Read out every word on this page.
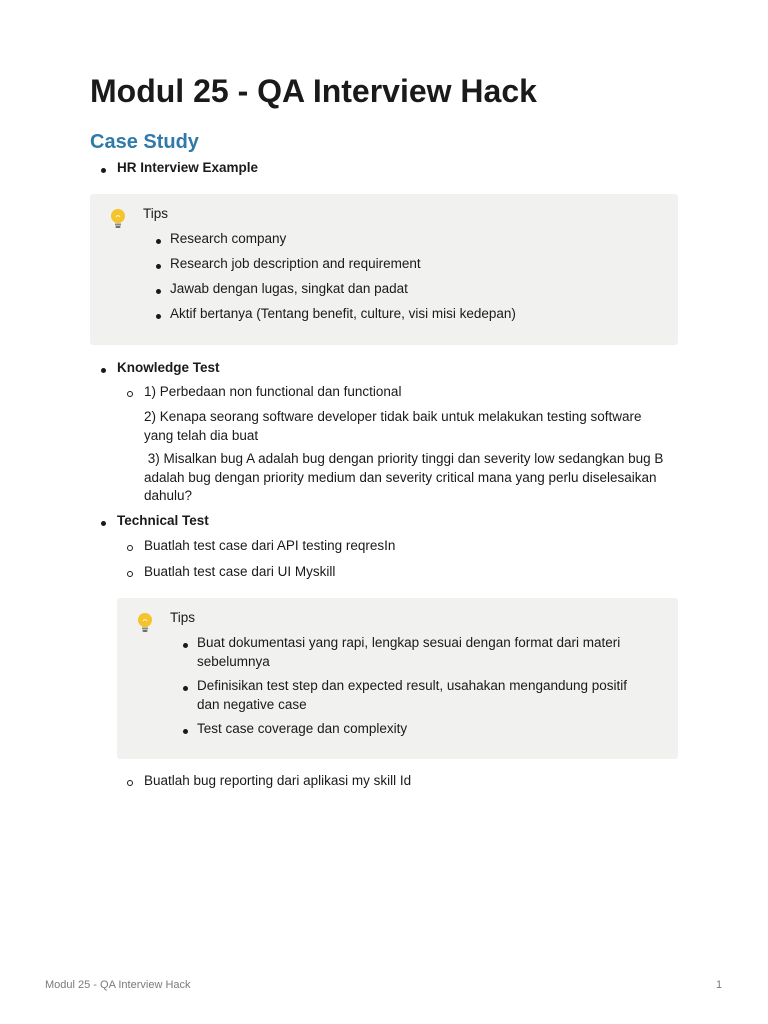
Modul 25 - QA Interview Hack
Case Study
HR Interview Example
Tips
Research company
Research job description and requirement
Jawab dengan lugas, singkat dan padat
Aktif bertanya (Tentang benefit, culture, visi misi kedepan)
Knowledge Test
1) Perbedaan non functional dan functional
2) Kenapa seorang software developer tidak baik untuk melakukan testing software yang telah dia buat
3) Misalkan bug A adalah bug dengan priority tinggi dan severity low sedangkan bug B adalah bug dengan priority medium dan severity critical mana yang perlu diselesaikan dahulu?
Technical Test
Buatlah test case dari API testing reqresIn
Buatlah test case dari UI Myskill
Tips
Buat dokumentasi yang rapi, lengkap sesuai dengan format dari materi sebelumnya
Definisikan test step dan expected result, usahakan mengandung positif dan negative case
Test case coverage dan complexity
Buatlah bug reporting dari aplikasi my skill Id
Modul 25 - QA Interview Hack	1
